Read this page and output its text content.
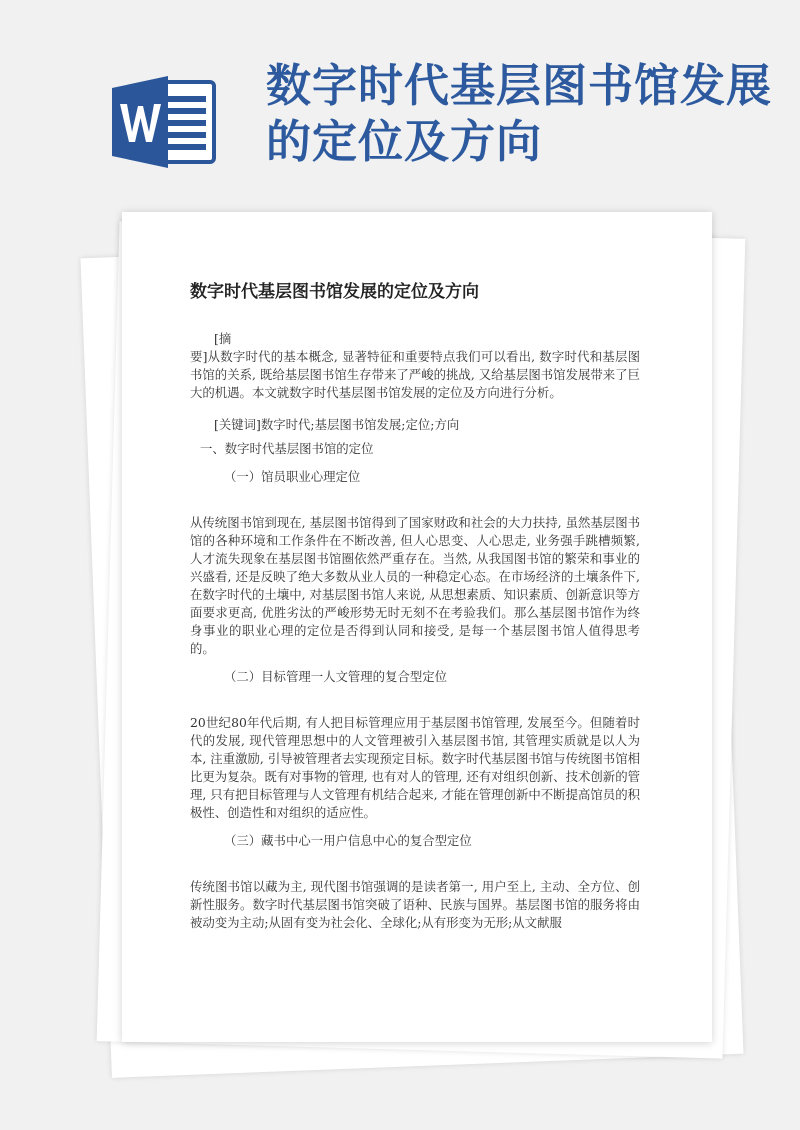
数字时代基层图书馆发展的定位及方向
数字时代基层图书馆发展的定位及方向

[摘

要]从数字时代的基本概念, 显著特征和重要特点我们可以看出, 数字时代和基层图书馆的关系, 既给基层图书馆生存带来了严峻的挑战, 又给基层图书馆发展带来了巨大的机遇。本文就数字时代基层图书馆发展的定位及方向进行分析。

[关键词]数字时代;基层图书馆发展;定位;方向

一、数字时代基层图书馆的定位

（一）馆员职业心理定位

从传统图书馆到现在, 基层图书馆得到了国家财政和社会的大力扶持, 虽然基层图书馆的各种环境和工作条件在不断改善, 但人心思变、人心思走, 业务强手跳槽频繁, 人才流失现象在基层图书馆圈依然严重存在。当然, 从我国图书馆的繁荣和事业的兴盛看, 还是反映了绝大多数从业人员的一种稳定心态。在市场经济的土壤条件下, 在数字时代的土壤中, 对基层图书馆人来说, 从思想素质、知识素质、创新意识等方面要求更高, 优胜劣汰的严峻形势无时无刻不在考验我们。那么基层图书馆作为终身事业的职业心理的定位是否得到认同和接受, 是每一个基层图书馆人值得思考的。

（二）目标管理一人文管理的复合型定位

20世纪80年代后期, 有人把目标管理应用于基层图书馆管理, 发展至今。但随着时代的发展, 现代管理思想中的人文管理被引入基层图书馆, 其管理实质就是以人为本, 注重激励, 引导被管理者去实现预定目标。数字时代基层图书馆与传统图书馆相比更为复杂。既有对事物的管理, 也有对人的管理, 还有对组织创新、技术创新的管理, 只有把目标管理与人文管理有机结合起来, 才能在管理创新中不断提高馆员的积极性、创造性和对组织的适应性。

（三）藏书中心一用户信息中心的复合型定位

传统图书馆以藏为主, 现代图书馆强调的是读者第一, 用户至上, 主动、全方位、创新性服务。数字时代基层图书馆突破了语种、民族与国界。基层图书馆的服务将由被动变为主动;从固有变为社会化、全球化;从有形变为无形;从文献服
